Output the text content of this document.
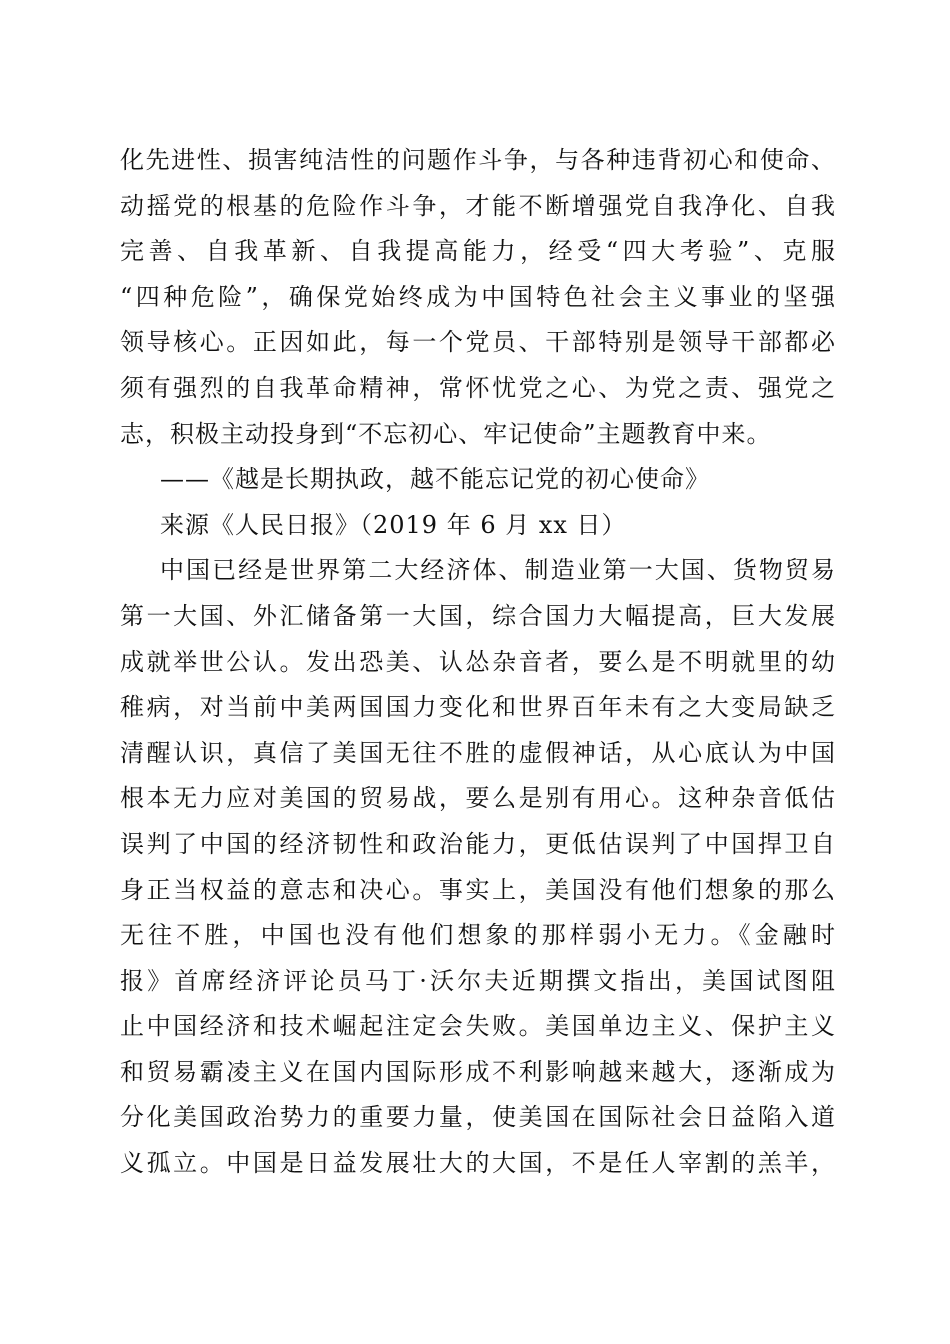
化先进性、损害纯洁性的问题作斗争，与各种违背初心和使命、
动摇党的根基的危险作斗争，才能不断增强党自我净化、自我
完善、自我革新、自我提高能力，经受“四大考验”、克服
“四种危险”，确保党始终成为中国特色社会主义事业的坚强
领导核心。正因如此，每一个党员、干部特别是领导干部都必
须有强烈的自我革命精神，常怀忧党之心、为党之责、强党之
志，积极主动投身到“不忘初心、牢记使命”主题教育中来。
——《越是长期执政，越不能忘记党的初心使命》
来源《人民日报》（2019 年 6 月 xx 日）
中国已经是世界第二大经济体、制造业第一大国、货物贸易
第一大国、外汇储备第一大国，综合国力大幅提高，巨大发展
成就举世公认。发出恐美、认怂杂音者，要么是不明就里的幼
稚病，对当前中美两国国力变化和世界百年未有之大变局缺乏
清醒认识，真信了美国无往不胜的虚假神话，从心底认为中国
根本无力应对美国的贸易战，要么是别有用心。这种杂音低估
误判了中国的经济韧性和政治能力，更低估误判了中国捍卫自
身正当权益的意志和决心。事实上，美国没有他们想象的那么
无往不胜，中国也没有他们想象的那样弱小无力。《金融时
报》首席经济评论员马丁·沃尔夫近期撰文指出，美国试图阻
止中国经济和技术崛起注定会失败。美国单边主义、保护主义
和贸易霸凌主义在国内国际形成不利影响越来越大，逐渐成为
分化美国政治势力的重要力量，使美国在国际社会日益陷入道
义孤立。中国是日益发展壮大的大国，不是任人宰割的羔羊，
